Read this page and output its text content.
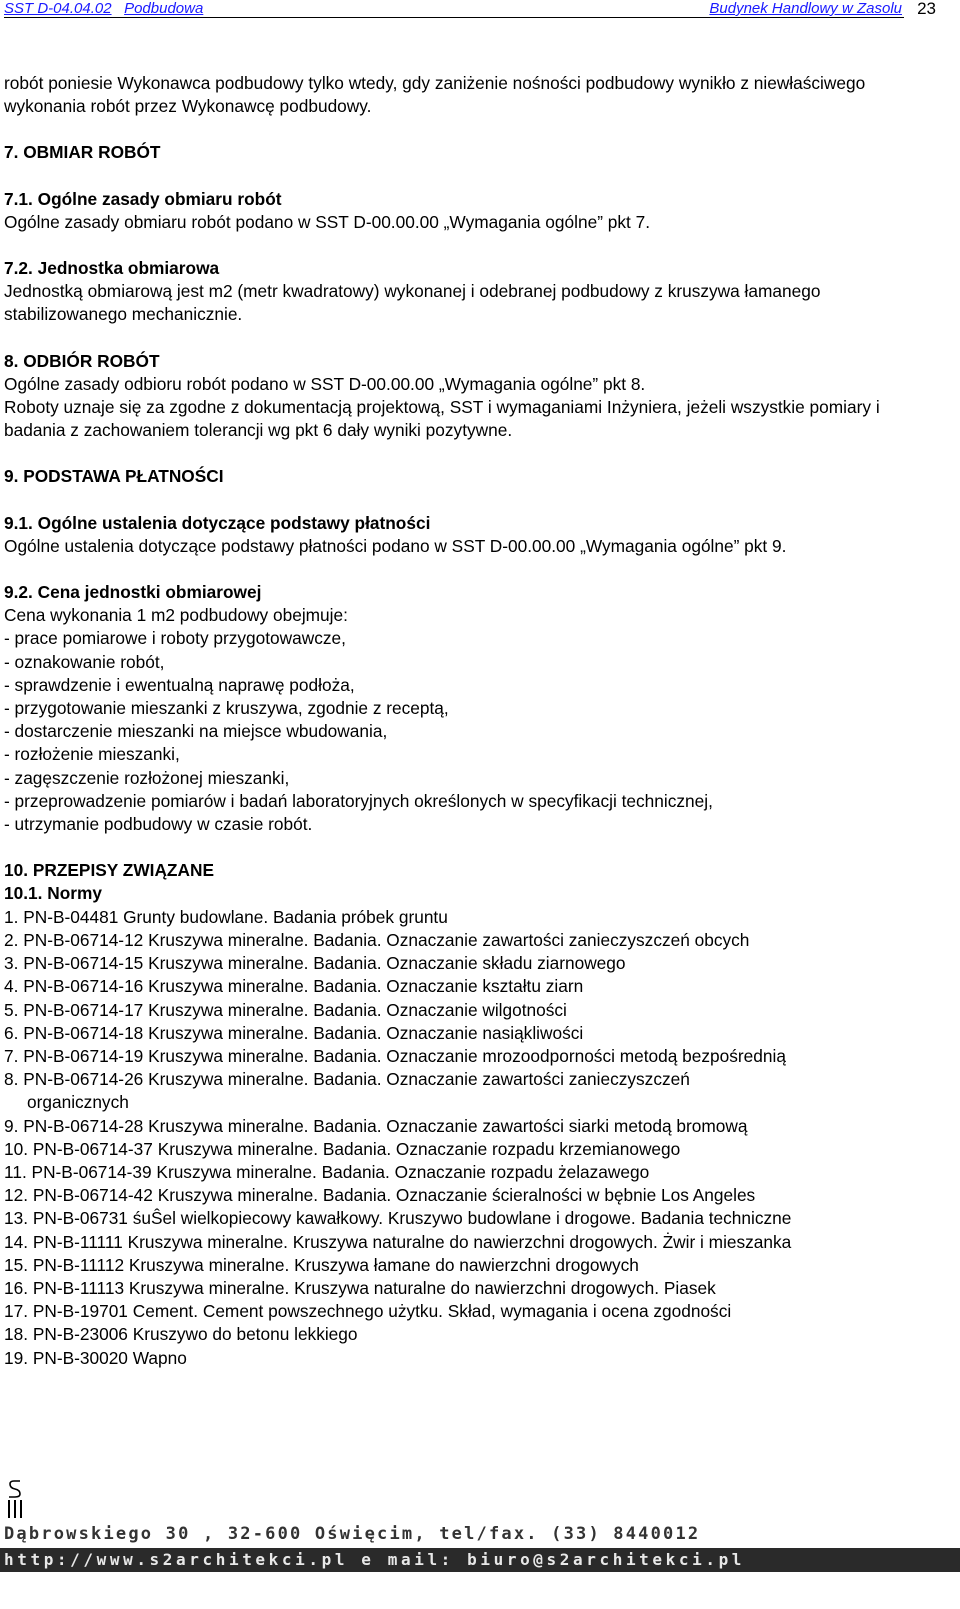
SST D-04.04.02 Podbudowa	Budynek Handlowy w Zasolu 23

robót poniesie Wykonawca podbudowy tylko wtedy, gdy zaniżenie nośności podbudowy wynikło z niewłaściwego wykonania robót przez Wykonawcę podbudowy.

7. OBMIAR ROBÓT

7.1. Ogólne zasady obmiaru robót

Ogólne zasady obmiaru robót podano w SST D-00.00.00 „Wymagania ogólne” pkt 7.

7.2. Jednostka obmiarowa

Jednostką obmiarową jest m2 (metr kwadratowy) wykonanej i odebranej podbudowy z kruszywa łamanego stabilizowanego mechanicznie.

8. ODBIÓR ROBÓT

Ogólne zasady odbioru robót podano w SST D-00.00.00 „Wymagania ogólne” pkt 8.

Roboty uznaje się za zgodne z dokumentacją projektową, SST i wymaganiami Inżyniera, jeżeli wszystkie pomiary i badania z zachowaniem tolerancji wg pkt 6 dały wyniki pozytywne.

9. PODSTAWA PŁATNOŚCI

9.1. Ogólne ustalenia dotyczące podstawy płatności

Ogólne ustalenia dotyczące podstawy płatności podano w SST D-00.00.00 „Wymagania ogólne” pkt 9.

9.2. Cena jednostki obmiarowej

Cena wykonania 1 m2 podbudowy obejmuje:

- prace pomiarowe i roboty przygotowawcze,

- oznakowanie robót,

- sprawdzenie i ewentualną naprawę podłoża,

- przygotowanie mieszanki z kruszywa, zgodnie z receptą,

- dostarczenie mieszanki na miejsce wbudowania,

- rozłożenie mieszanki,

- zagęszczenie rozłożonej mieszanki,

- przeprowadzenie pomiarów i badań laboratoryjnych określonych w specyfikacji technicznej,

- utrzymanie podbudowy w czasie robót.

10. PRZEPISY ZWIĄZANE

10.1. Normy

1. PN-B-04481 Grunty budowlane. Badania próbek gruntu

2. PN-B-06714-12 Kruszywa mineralne. Badania. Oznaczanie zawartości zanieczyszczeń obcych

3. PN-B-06714-15 Kruszywa mineralne. Badania. Oznaczanie składu ziarnowego

4. PN-B-06714-16 Kruszywa mineralne. Badania. Oznaczanie kształtu ziarn

5. PN-B-06714-17 Kruszywa mineralne. Badania. Oznaczanie wilgotności

6. PN-B-06714-18 Kruszywa mineralne. Badania. Oznaczanie nasiąkliwości

7. PN-B-06714-19 Kruszywa mineralne. Badania. Oznaczanie mrozoodporności metodą bezpośrednią

8. PN-B-06714-26 Kruszywa mineralne. Badania. Oznaczanie zawartości zanieczyszczeń

organicznych

9. PN-B-06714-28 Kruszywa mineralne. Badania. Oznaczanie zawartości siarki metodą bromową

10. PN-B-06714-37 Kruszywa mineralne. Badania. Oznaczanie rozpadu krzemianowego

11. PN-B-06714-39 Kruszywa mineralne. Badania. Oznaczanie rozpadu żelazawego

12. PN-B-06714-42 Kruszywa mineralne. Badania. Oznaczanie ścieralności w bębnie Los Angeles

13. PN-B-06731 śuŜel wielkopiecowy kawałkowy. Kruszywo budowlane i drogowe. Badania techniczne

14. PN-B-11111 Kruszywa mineralne. Kruszywa naturalne do nawierzchni drogowych. Żwir i mieszanka

15. PN-B-11112 Kruszywa mineralne. Kruszywa łamane do nawierzchni drogowych

16. PN-B-11113 Kruszywa mineralne. Kruszywa naturalne do nawierzchni drogowych. Piasek

17. PN-B-19701 Cement. Cement powszechnego użytku. Skład, wymagania i ocena zgodności

18. PN-B-23006 Kruszywo do betonu lekkiego

19. PN-B-30020 Wapno

Dąbrowskiego 30 , 32-600 Oświęcim, tel/fax. (33) 8440012
http://www.s2architekci.pl e mail: biuro@s2architekci.pl
